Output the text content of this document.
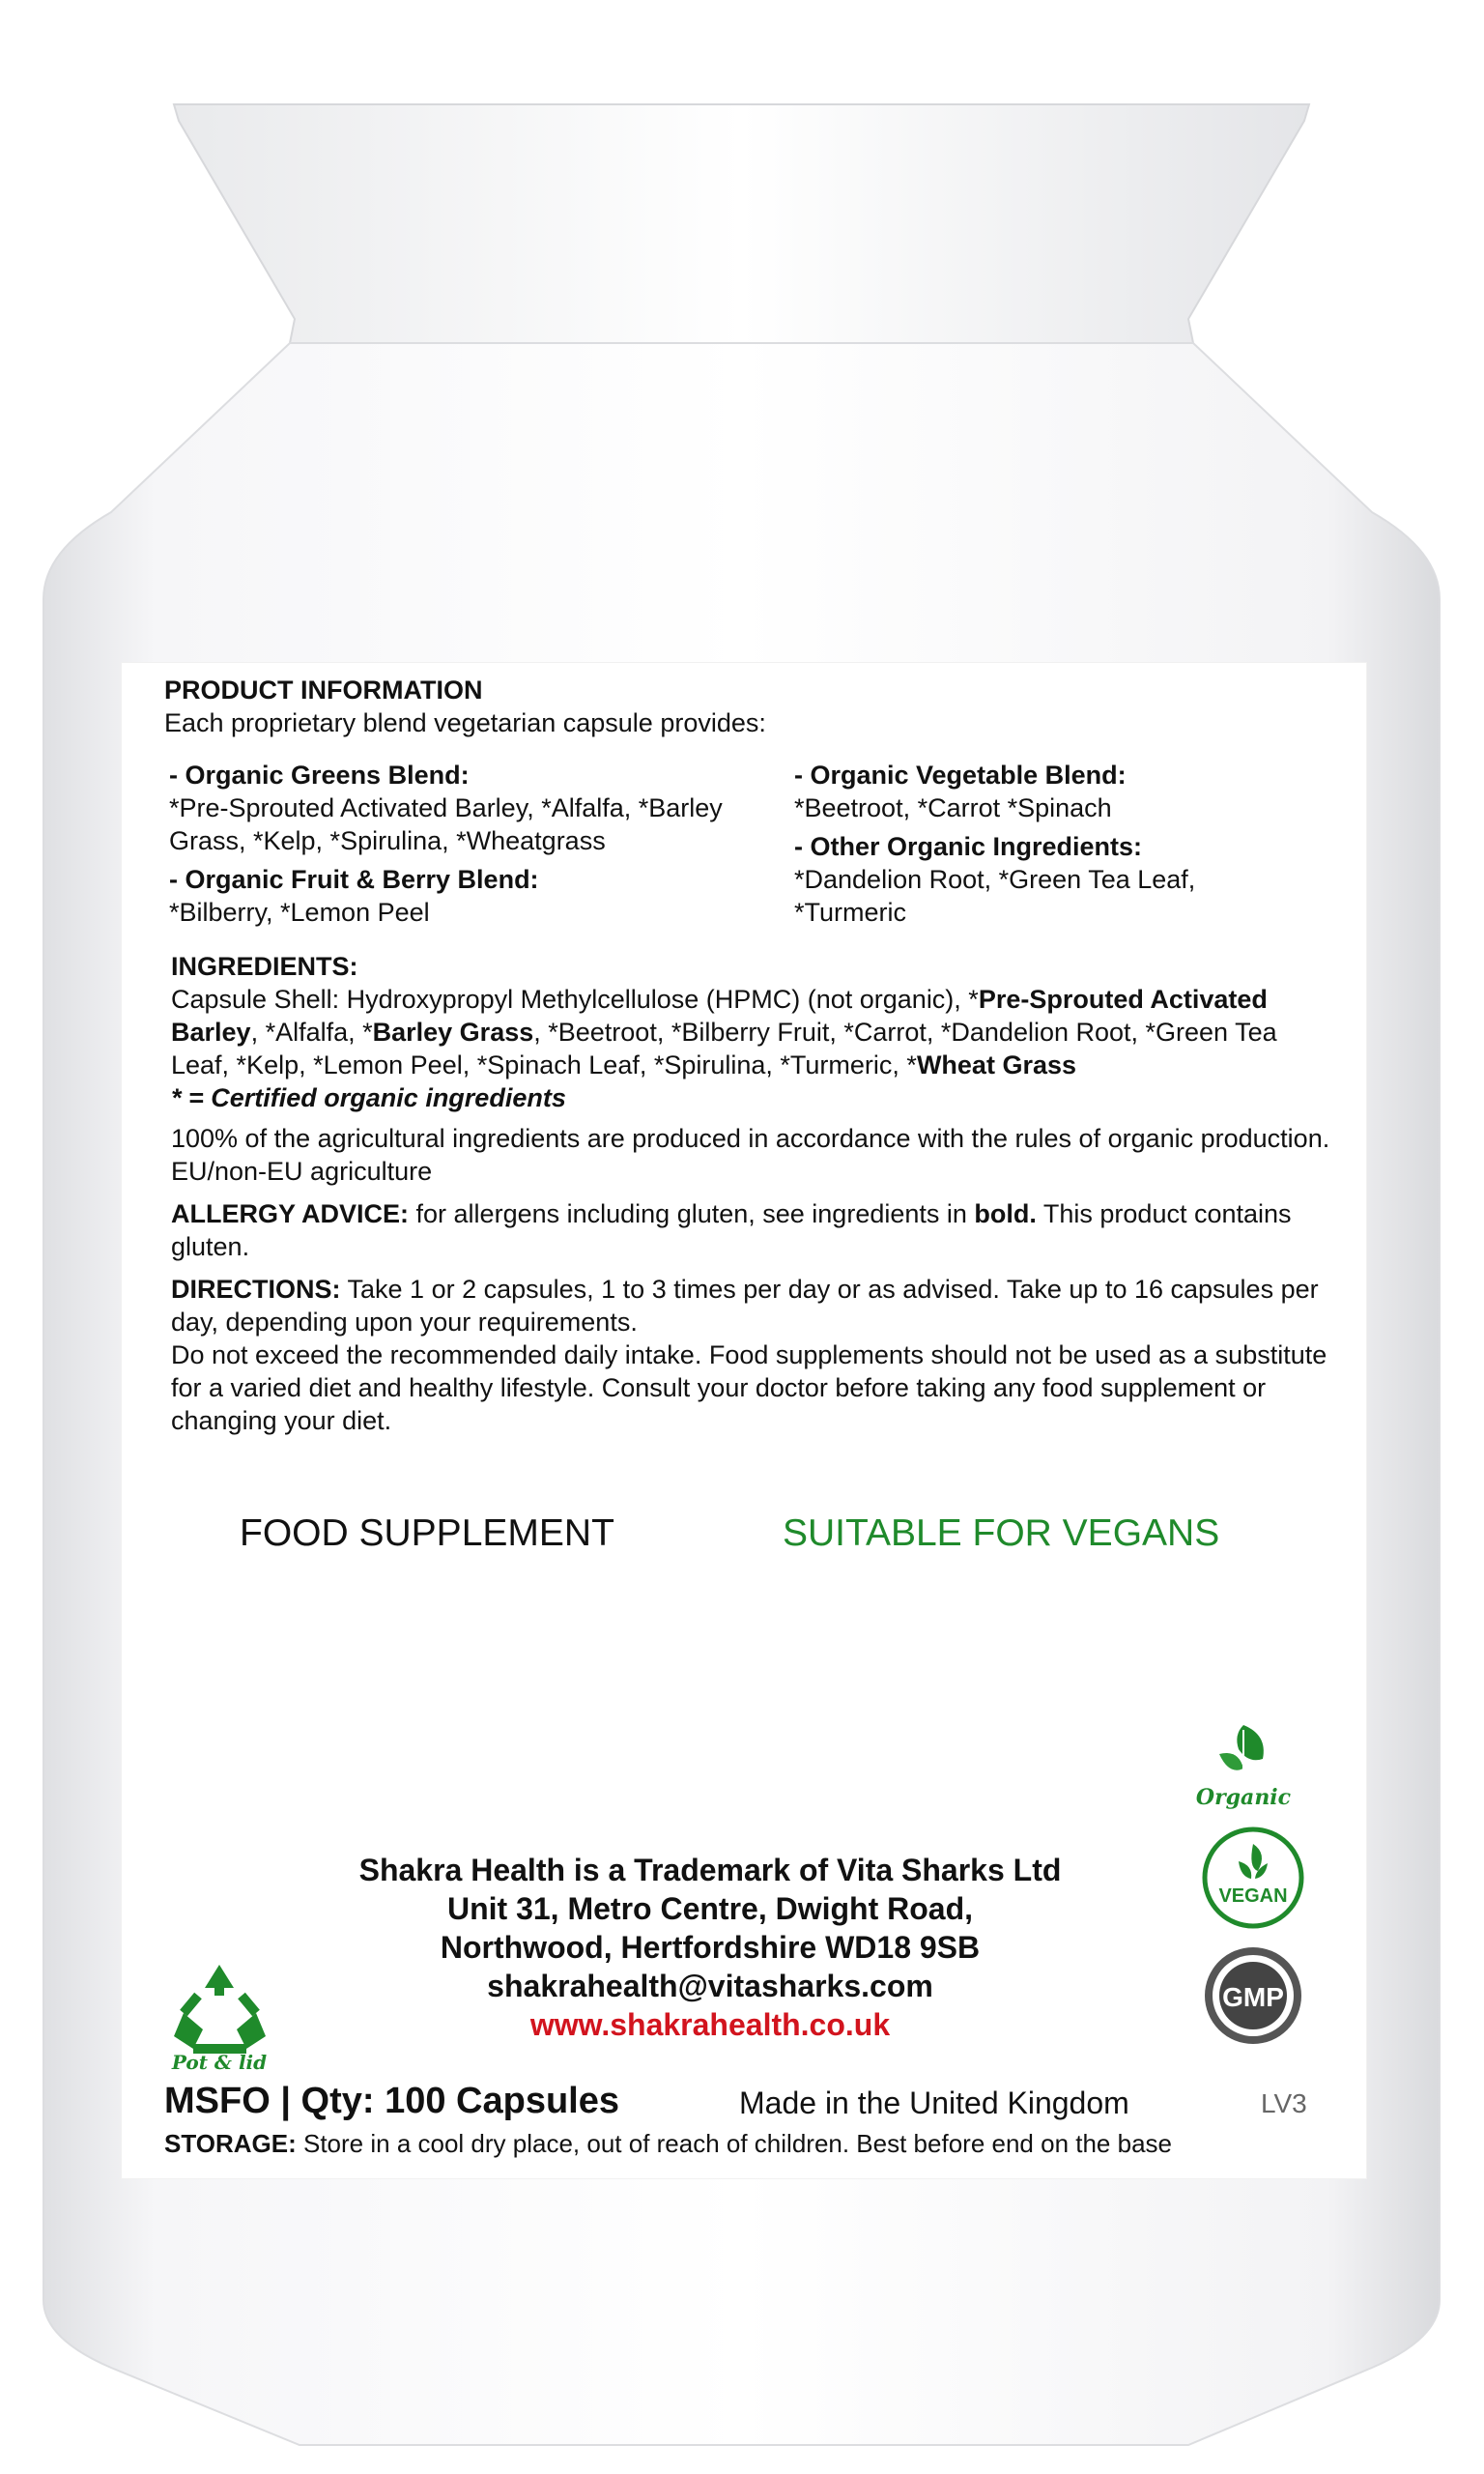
PRODUCT INFORMATION
Each proprietary blend vegetarian capsule provides:
- Organic Greens Blend:
*Pre-Sprouted Activated Barley, *Alfalfa, *Barley Grass, *Kelp, *Spirulina, *Wheatgrass
- Organic Fruit & Berry Blend:
*Bilberry, *Lemon Peel
- Organic Vegetable Blend:
*Beetroot, *Carrot *Spinach
- Other Organic Ingredients:
*Dandelion Root, *Green Tea Leaf, *Turmeric
INGREDIENTS:
Capsule Shell: Hydroxypropyl Methylcellulose (HPMC) (not organic), *Pre-Sprouted Activated Barley, *Alfalfa, *Barley Grass, *Beetroot, *Bilberry Fruit, *Carrot, *Dandelion Root, *Green Tea Leaf, *Kelp, *Lemon Peel, *Spinach Leaf, *Spirulina, *Turmeric, *Wheat Grass
* = Certified organic ingredients

100% of the agricultural ingredients are produced in accordance with the rules of organic production. EU/non-EU agriculture

ALLERGY ADVICE: for allergens including gluten, see ingredients in bold. This product contains gluten.

DIRECTIONS: Take 1 or 2 capsules, 1 to 3 times per day or as advised. Take up to 16 capsules per day, depending upon your requirements.

Do not exceed the recommended daily intake. Food supplements should not be used as a substitute for a varied diet and healthy lifestyle. Consult your doctor before taking any food supplement or changing your diet.

FOOD SUPPLEMENT	SUITABLE FOR VEGANS
Organic
VEGAN
GMP
Pot & lid
Shakra Health is a Trademark of Vita Sharks Ltd
Unit 31, Metro Centre, Dwight Road,
Northwood, Hertfordshire WD18 9SB
shakrahealth@vitasharks.com
www.shakrahealth.co.uk
MSFO | Qty: 100 Capsules	Made in the United Kingdom	LV3
STORAGE: Store in a cool dry place, out of reach of children. Best before end on the base
